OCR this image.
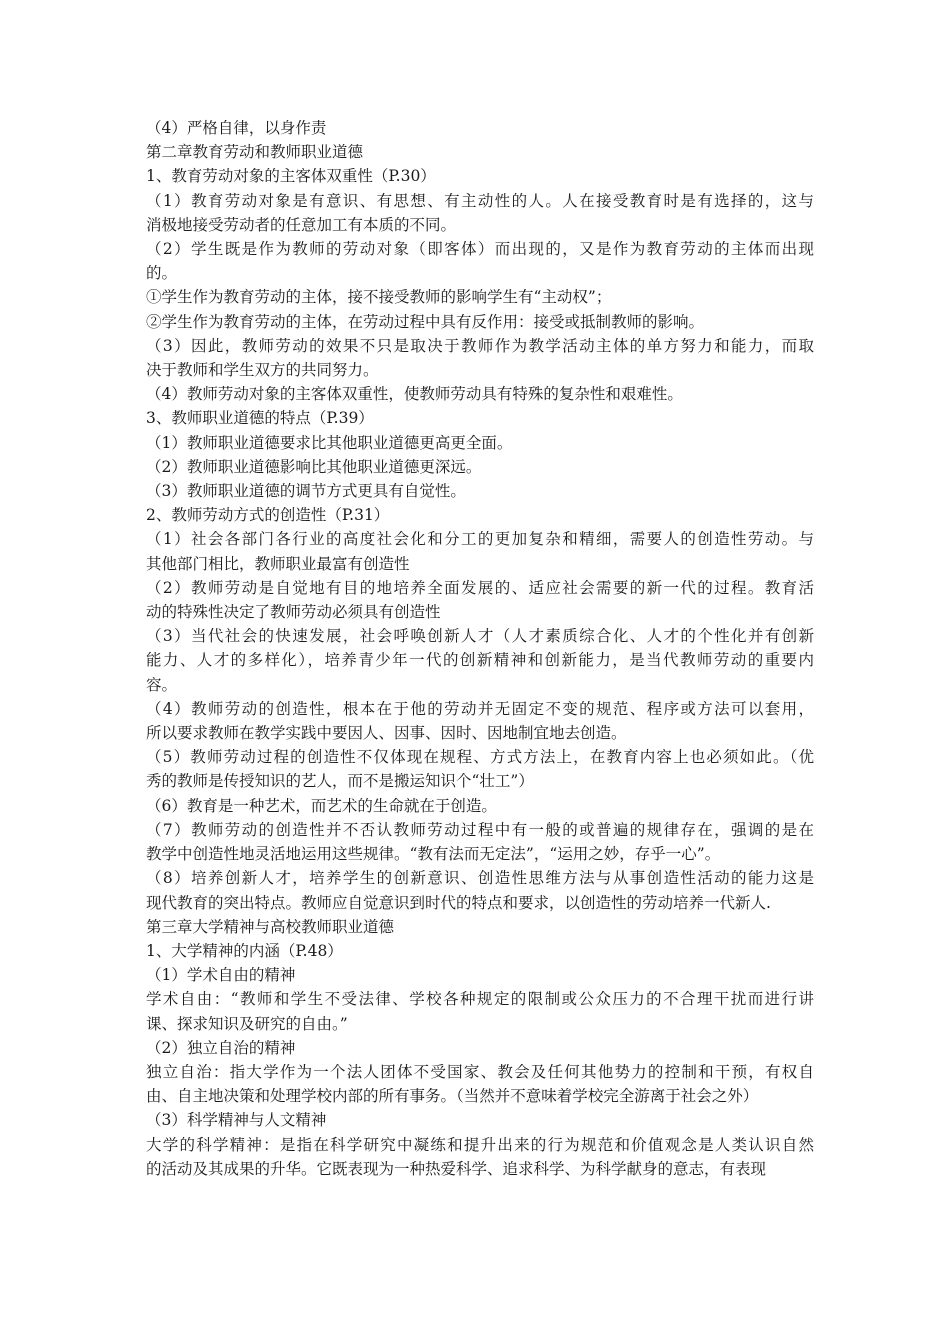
（4）严格自律，以身作责
第二章教育劳动和教师职业道德
1、教育劳动对象的主客体双重性（P.30）
（1）教育劳动对象是有意识、有思想、有主动性的人。人在接受教育时是有选择的，这与
消极地接受劳动者的任意加工有本质的不同。
（2）学生既是作为教师的劳动对象（即客体）而出现的，又是作为教育劳动的主体而出现
的。
①学生作为教育劳动的主体，接不接受教师的影响学生有“主动权”；
②学生作为教育劳动的主体，在劳动过程中具有反作用：接受或抵制教师的影响。
（3）因此，教师劳动的效果不只是取决于教师作为教学活动主体的单方努力和能力，而取
决于教师和学生双方的共同努力。
（4）教师劳动对象的主客体双重性，使教师劳动具有特殊的复杂性和艰难性。
3、教师职业道德的特点（P.39）
（1）教师职业道德要求比其他职业道德更高更全面。
（2）教师职业道德影响比其他职业道德更深远。
（3）教师职业道德的调节方式更具有自觉性。
2、教师劳动方式的创造性（P.31）
（1）社会各部门各行业的高度社会化和分工的更加复杂和精细，需要人的创造性劳动。与
其他部门相比，教师职业最富有创造性
（2）教师劳动是自觉地有目的地培养全面发展的、适应社会需要的新一代的过程。教育活
动的特殊性决定了教师劳动必须具有创造性
（3）当代社会的快速发展，社会呼唤创新人才（人才素质综合化、人才的个性化并有创新
能力、人才的多样化），培养青少年一代的创新精神和创新能力，是当代教师劳动的重要内
容。
（4）教师劳动的创造性，根本在于他的劳动并无固定不变的规范、程序或方法可以套用，
所以要求教师在教学实践中要因人、因事、因时、因地制宜地去创造。
（5）教师劳动过程的创造性不仅体现在规程、方式方法上，在教育内容上也必须如此。（优
秀的教师是传授知识的艺人，而不是搬运知识个“壮工”）
（6）教育是一种艺术，而艺术的生命就在于创造。
（7）教师劳动的创造性并不否认教师劳动过程中有一般的或普遍的规律存在，强调的是在
教学中创造性地灵活地运用这些规律。“教有法而无定法”，“运用之妙，存乎一心”。
（8）培养创新人才，培养学生的创新意识、创造性思维方法与从事创造性活动的能力这是
现代教育的突出特点。教师应自觉意识到时代的特点和要求，以创造性的劳动培养一代新人.
第三章大学精神与高校教师职业道德
1、大学精神的内涵（P.48）
（1）学术自由的精神
学术自由：“教师和学生不受法律、学校各种规定的限制或公众压力的不合理干扰而进行讲
课、探求知识及研究的自由。”
（2）独立自治的精神
独立自治：指大学作为一个法人团体不受国家、教会及任何其他势力的控制和干预，有权自
由、自主地决策和处理学校内部的所有事务。（当然并不意味着学校完全游离于社会之外）
（3）科学精神与人文精神
大学的科学精神：是指在科学研究中凝练和提升出来的行为规范和价值观念是人类认识自然
的活动及其成果的升华。它既表现为一种热爱科学、追求科学、为科学献身的意志，有表现
